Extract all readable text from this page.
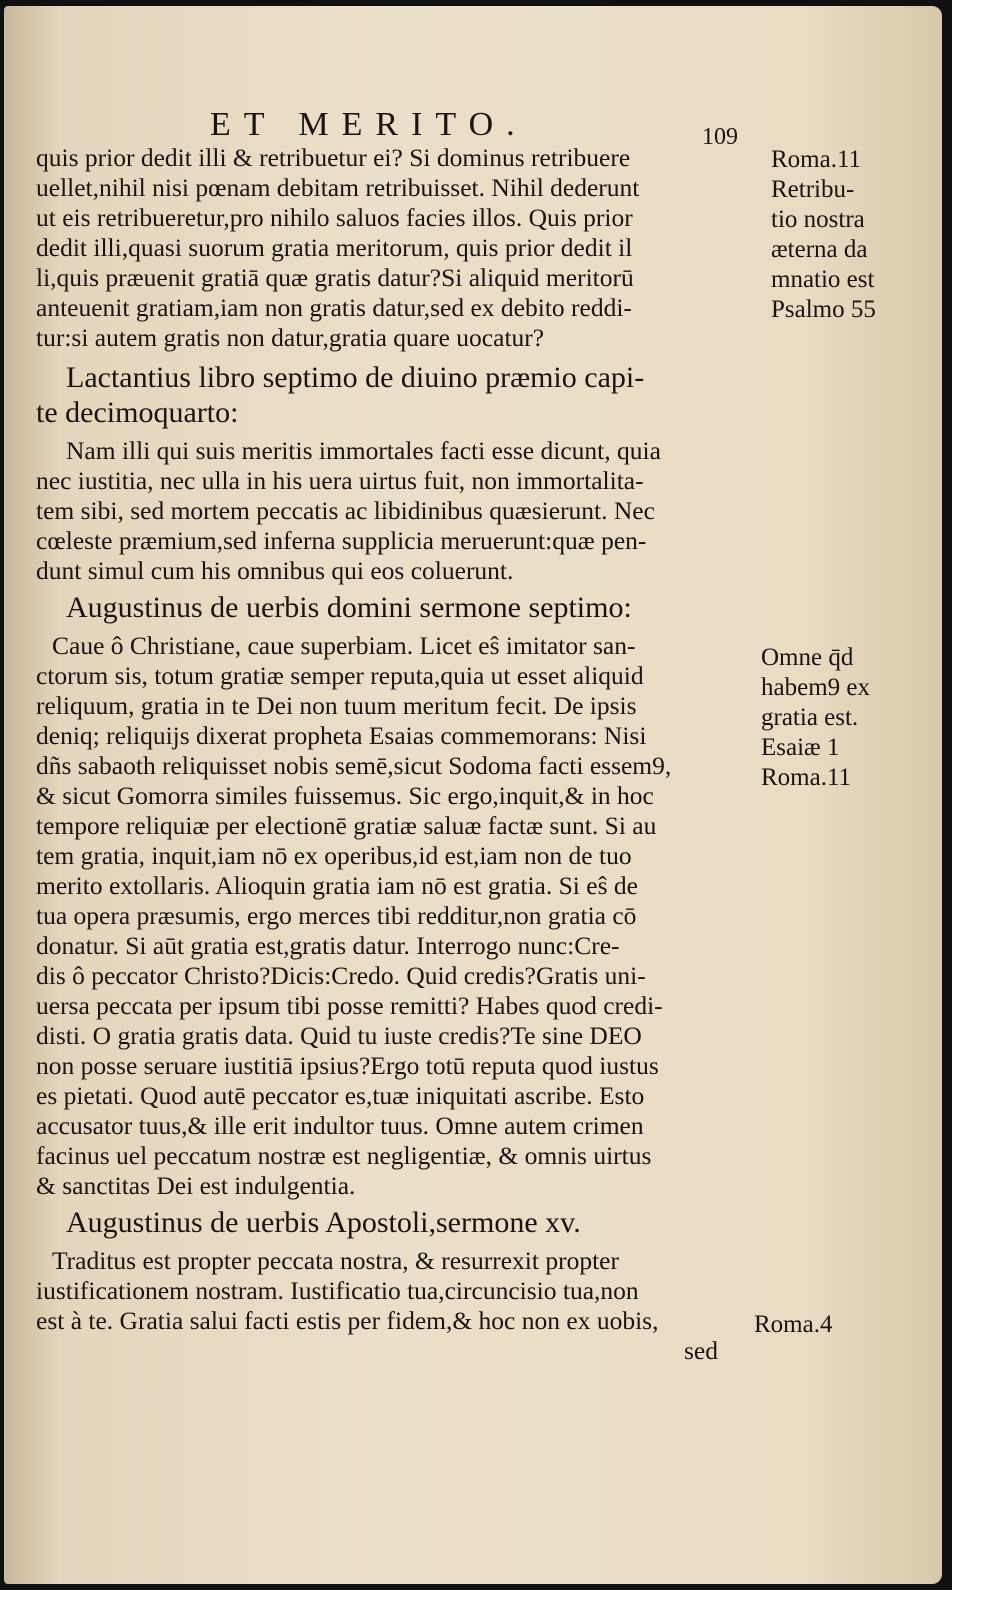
ET MERITO.	109
quis prior dedit illi & retribuetur ei? Si dominus retribuere
uellet,nihil nisi pœnam debitam retribuisset. Nihil dederunt
ut eis retribueretur,pro nihilo saluos facies illos. Quis prior
dedit illi,quasi suorum gratia meritorum, quis prior dedit il
li,quis præuenit gratiā quæ gratis datur?Si aliquid meritorū
anteuenit gratiam,iam non gratis datur,sed ex debito reddi-
tur:si autem gratis non datur,gratia quare uocatur?
Lactantius libro septimo de diuino præmio capi-
te decimoquarto:
Nam illi qui suis meritis immortales facti esse dicunt, quia
nec iustitia, nec ulla in his uera uirtus fuit, non immortalita-
tem sibi, sed mortem peccatis ac libidinibus quæsierunt. Nec
cœleste præmium,sed inferna supplicia meruerunt:quæ pen-
dunt simul cum his omnibus qui eos coluerunt.
Augustinus de uerbis domini sermone septimo:
Caue ô Christiane, caue superbiam. Licet eŝ imitator san-
ctorum sis, totum gratiæ semper reputa,quia ut esset aliquid
reliquum, gratia in te Dei non tuum meritum fecit. De ipsis
deniq; reliquijs dixerat propheta Esaias commemorans: Nisi
dñs sabaoth reliquisset nobis semē,sicut Sodoma facti essem9,
& sicut Gomorra similes fuissemus. Sic ergo,inquit,& in hoc
tempore reliquiæ per electionē gratiæ saluæ factæ sunt. Si au
tem gratia, inquit,iam nō ex operibus,id est,iam non de tuo
merito extollaris. Alioquin gratia iam nō est gratia. Si eŝ de
tua opera præsumis, ergo merces tibi redditur,non gratia cō
donatur. Si aūt gratia est,gratis datur. Interrogo nunc:Cre-
dis ô peccator Christo?Dicis:Credo. Quid credis?Gratis uni-
uersa peccata per ipsum tibi posse remitti? Habes quod credi-
disti. O gratia gratis data. Quid tu iuste credis?Te sine DEO
non posse seruare iustitiā ipsius?Ergo totū reputa quod iustus
es pietati. Quod autē peccator es,tuæ iniquitati ascribe. Esto
accusator tuus,& ille erit indultor tuus. Omne autem crimen
facinus uel peccatum nostræ est negligentiæ, & omnis uirtus
& sanctitas Dei est indulgentia.
Augustinus de uerbis Apostoli,sermone xv.
Traditus est propter peccata nostra, & resurrexit propter
iustificationem nostram. Iustificatio tua,circuncisio tua,non
est à te. Gratia salui facti estis per fidem,& hoc non ex uobis,
sed
Roma.11
Retribu-
tio nostra
æterna da
mnatio est
Psalmo 55
Omne q̄d
habem9 ex
gratia est.
Esaiæ 1
Roma.11
Roma.4
